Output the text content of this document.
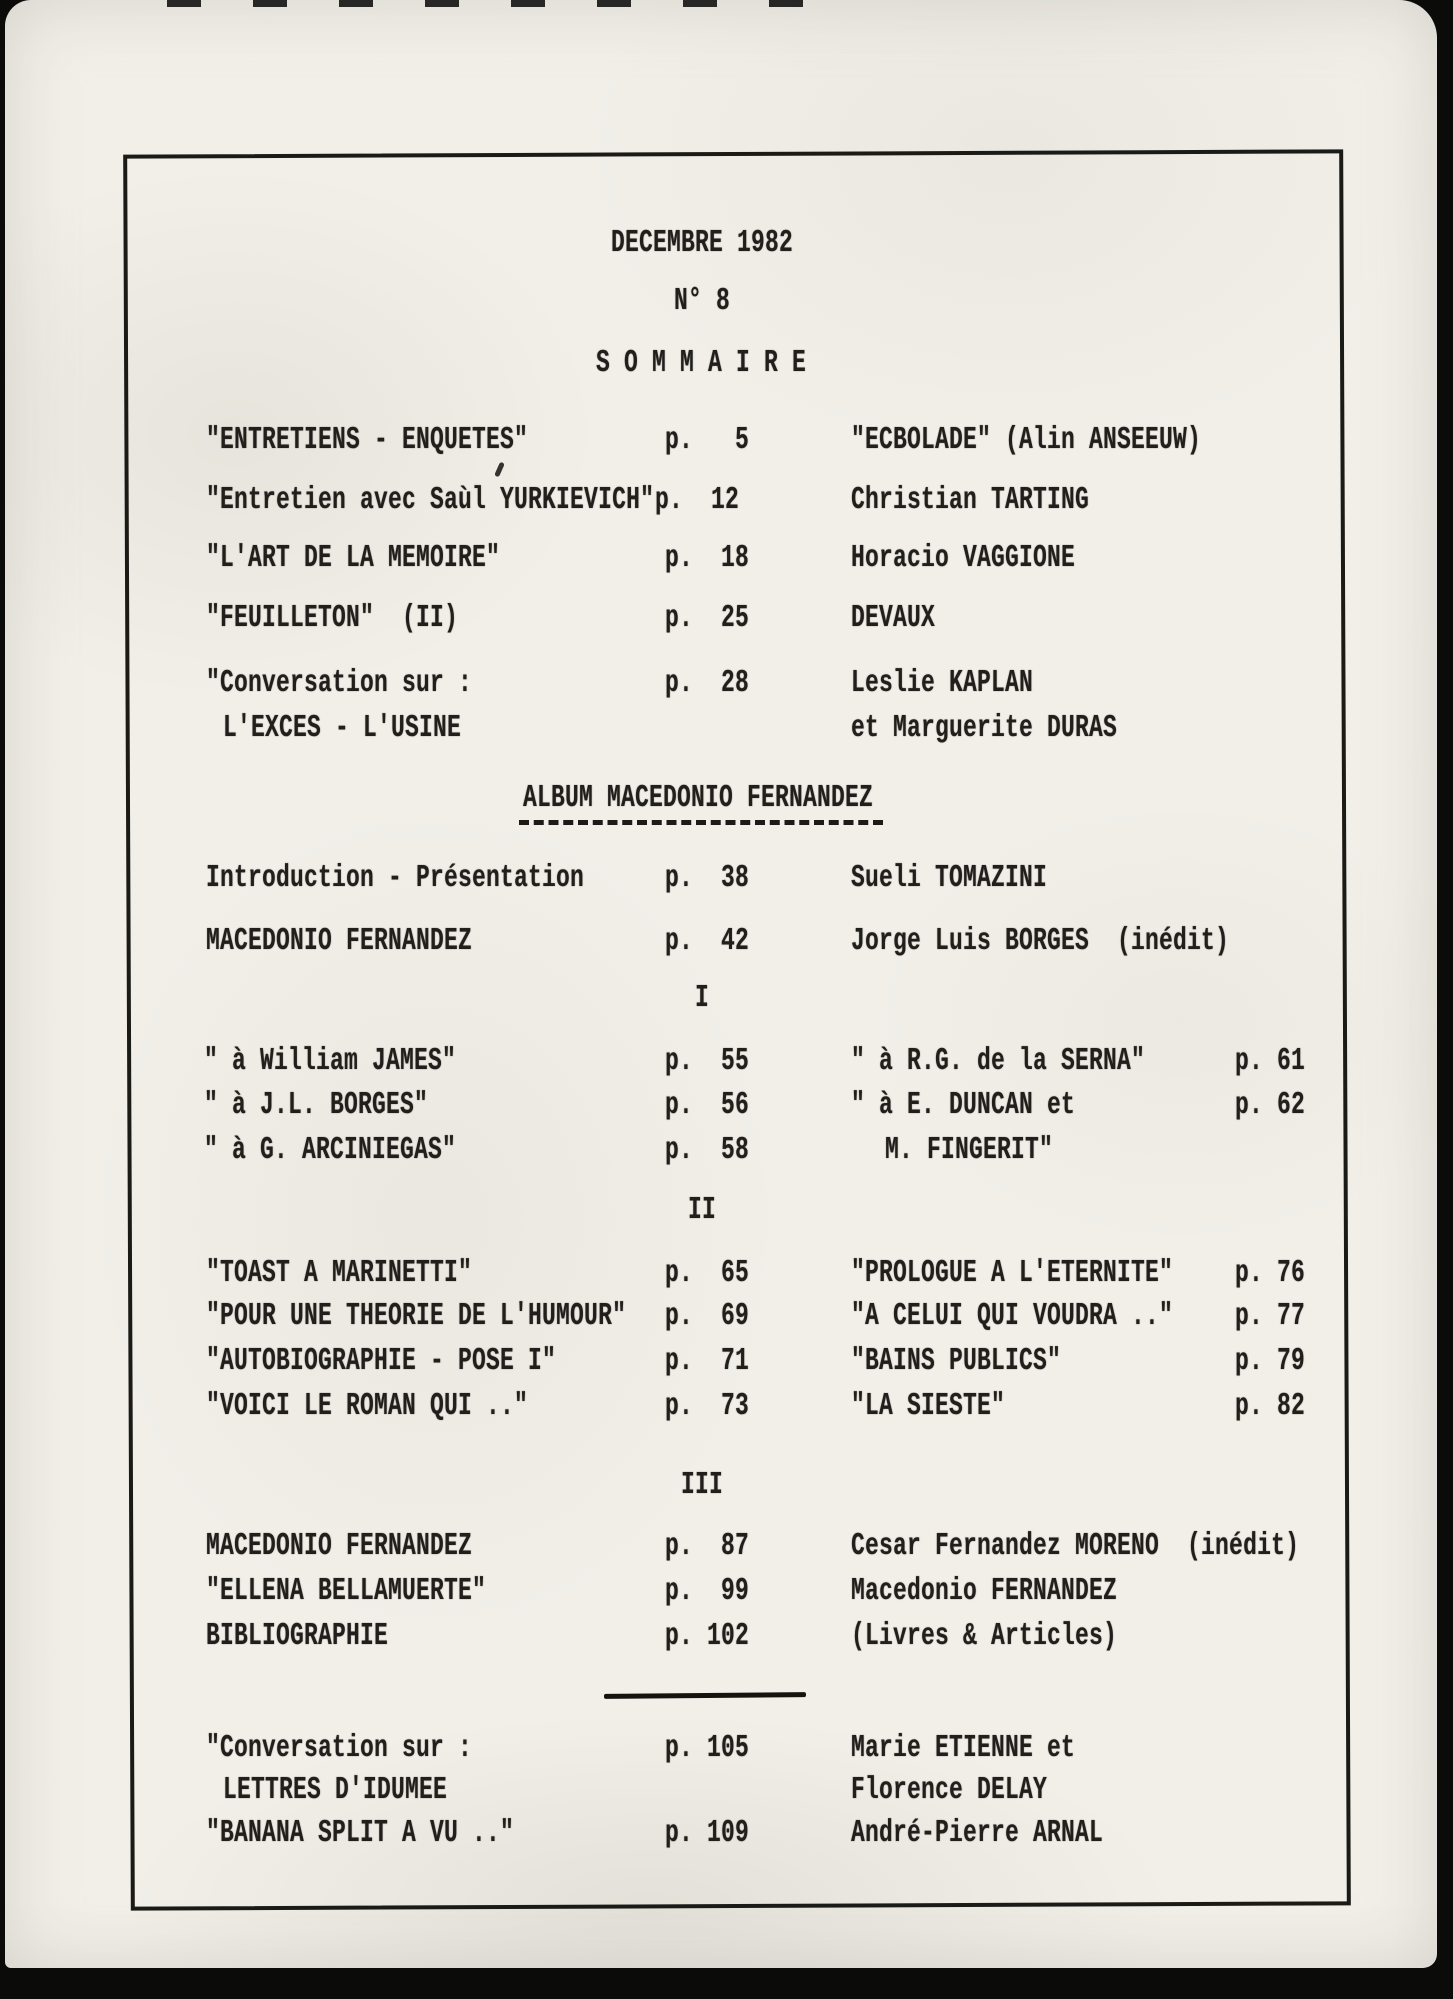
DECEMBRE 1982
N° 8
S O M M A I R E
"ENTRETIENS - ENQUETES"	p.   5	"ECBOLADE" (Alin ANSEEUW)
"Entretien avec Saùl YURKIEVICH" p.  12	Christian TARTING
"L'ART DE LA MEMOIRE"	p.  18	Horacio VAGGIONE
"FEUILLETON"  (II)	p.  25	DEVAUX
"Conversation sur :	p.  28	Leslie KAPLAN
L'EXCES - L'USINE	et Marguerite DURAS
ALBUM MACEDONIO FERNANDEZ
Introduction - Présentation	p.  38	Sueli TOMAZINI
MACEDONIO FERNANDEZ	p.  42	Jorge Luis BORGES  (inédit)
I
" à William JAMES"	p.  55	" à R.G. de la SERNA"	p. 61
" à J.L. BORGES"	p.  56	" à E. DUNCAN et	p. 62
" à G. ARCINIEGAS"	p.  58	M. FINGERIT"
II
"TOAST A MARINETTI"	p.  65	"PROLOGUE A L'ETERNITE"	p. 76
"POUR UNE THEORIE DE L'HUMOUR" p.  69	"A CELUI QUI VOUDRA .."	p. 77
"AUTOBIOGRAPHIE - POSE I"	p.  71	"BAINS PUBLICS"	p. 79
"VOICI LE ROMAN QUI .."	p.  73	"LA SIESTE"	p. 82
III
MACEDONIO FERNANDEZ	p.  87	Cesar Fernandez MORENO  (inédit)
"ELLENA BELLAMUERTE"	p.  99	Macedonio FERNANDEZ
BIBLIOGRAPHIE	p. 102	(Livres & Articles)
"Conversation sur :	p. 105	Marie ETIENNE et
LETTRES D'IDUMEE	Florence DELAY
"BANANA SPLIT A VU .."	p. 109	André-Pierre ARNAL
